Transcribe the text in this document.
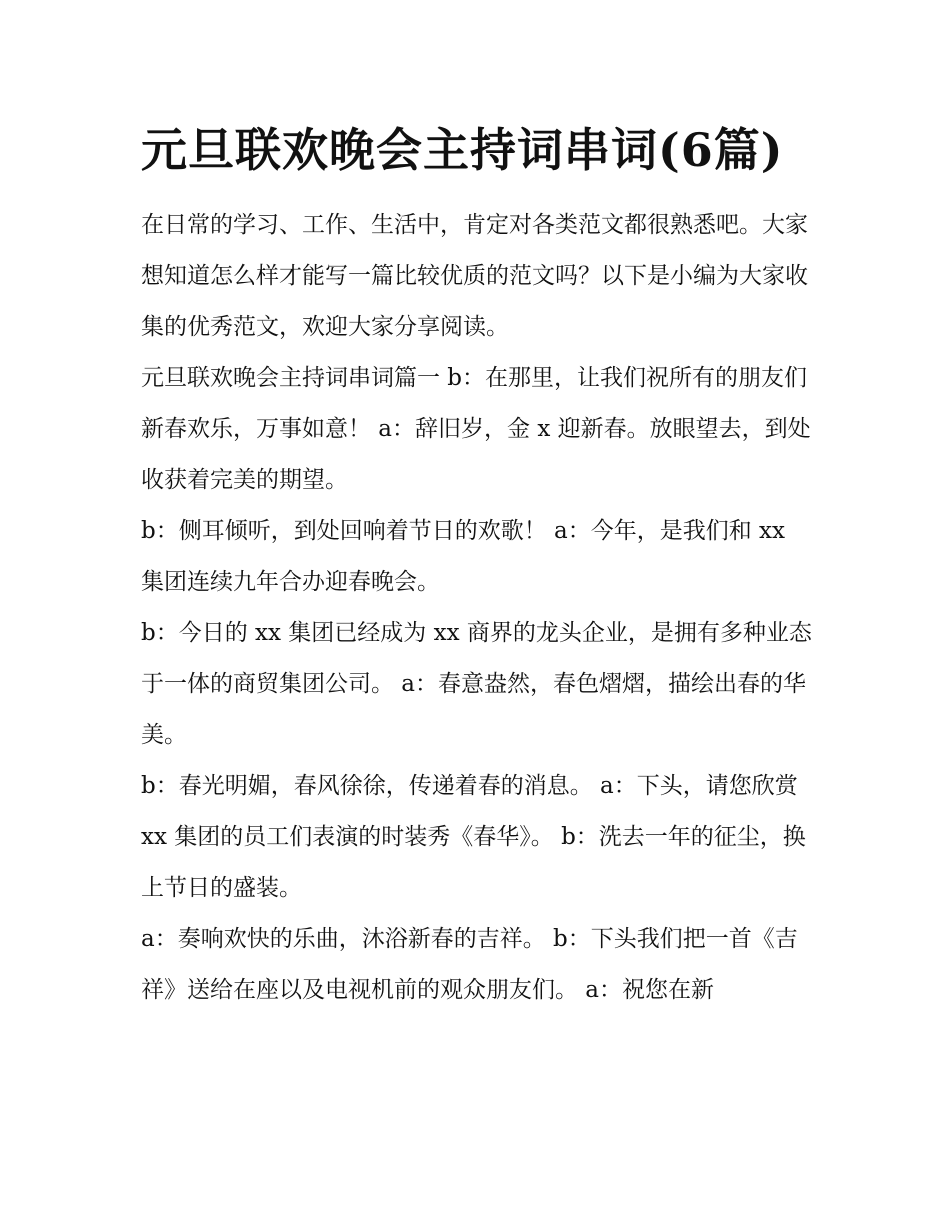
元旦联欢晚会主持词串词(6篇)

在日常的学习、工作、生活中，肯定对各类范文都很熟悉吧。大家想知道怎么样才能写一篇比较优质的范文吗？以下是小编为大家收集的优秀范文，欢迎大家分享阅读。

元旦联欢晚会主持词串词篇一 b：在那里，让我们祝所有的朋友们新春欢乐，万事如意！ a：辞旧岁，金 x 迎新春。放眼望去，到处收获着完美的期望。

b：侧耳倾听，到处回响着节日的欢歌！ a：今年，是我们和 xx 集团连续九年合办迎春晚会。

b：今日的 xx 集团已经成为 xx 商界的龙头企业，是拥有多种业态于一体的商贸集团公司。 a：春意盎然，春色熠熠，描绘出春的华美。

b：春光明媚，春风徐徐，传递着春的消息。 a：下头，请您欣赏 xx 集团的员工们表演的时装秀《春华》。 b：洗去一年的征尘，换上节日的盛装。

a：奏响欢快的乐曲，沐浴新春的吉祥。 b：下头我们把一首《吉祥》送给在座以及电视机前的观众朋友们。 a：祝您在新
